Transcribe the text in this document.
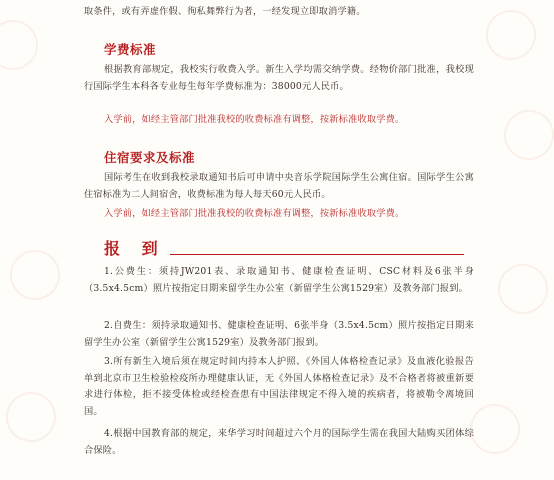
取条件，或有弄虚作假、徇私舞弊行为者，一经发现立即取消学籍。
学费标准
根据教育部规定，我校实行收费入学。新生入学均需交纳学费。经物价部门批准，我校现行国际学生本科各专业每生每年学费标准为：38000元人民币。
入学前，如经主管部门批准我校的收费标准有调整，按新标准收取学费。
住宿要求及标准
国际考生在收到我校录取通知书后可申请中央音乐学院国际学生公寓住宿。国际学生公寓住宿标准为二人间宿舍，收费标准为每人每天60元人民币。
入学前，如经主管部门批准我校的收费标准有调整，按新标准收取学费。
报 到
1.公费生：须持JW201表、录取通知书、健康检查证明、CSC材料及6张半身（3.5x4.5cm）照片按指定日期来留学生办公室（新留学生公寓1529室）及教务部门报到。
2.自费生：须持录取通知书、健康检查证明、6张半身（3.5x4.5cm）照片按指定日期来留学生办公室（新留学生公寓1529室）及教务部门报到。
3.所有新生入境后须在规定时间内持本人护照、《外国人体格检查记录》及血液化验报告单到北京市卫生检验检疫所办理健康认证，无《外国人体格检查记录》及不合格者将被重新要求进行体检，拒不接受体检或经检查患有中国法律规定不得入境的疾病者，将被勒令离境回国。
4.根据中国教育部的规定，来华学习时间超过六个月的国际学生需在我国大陆购买团体综合保险。
